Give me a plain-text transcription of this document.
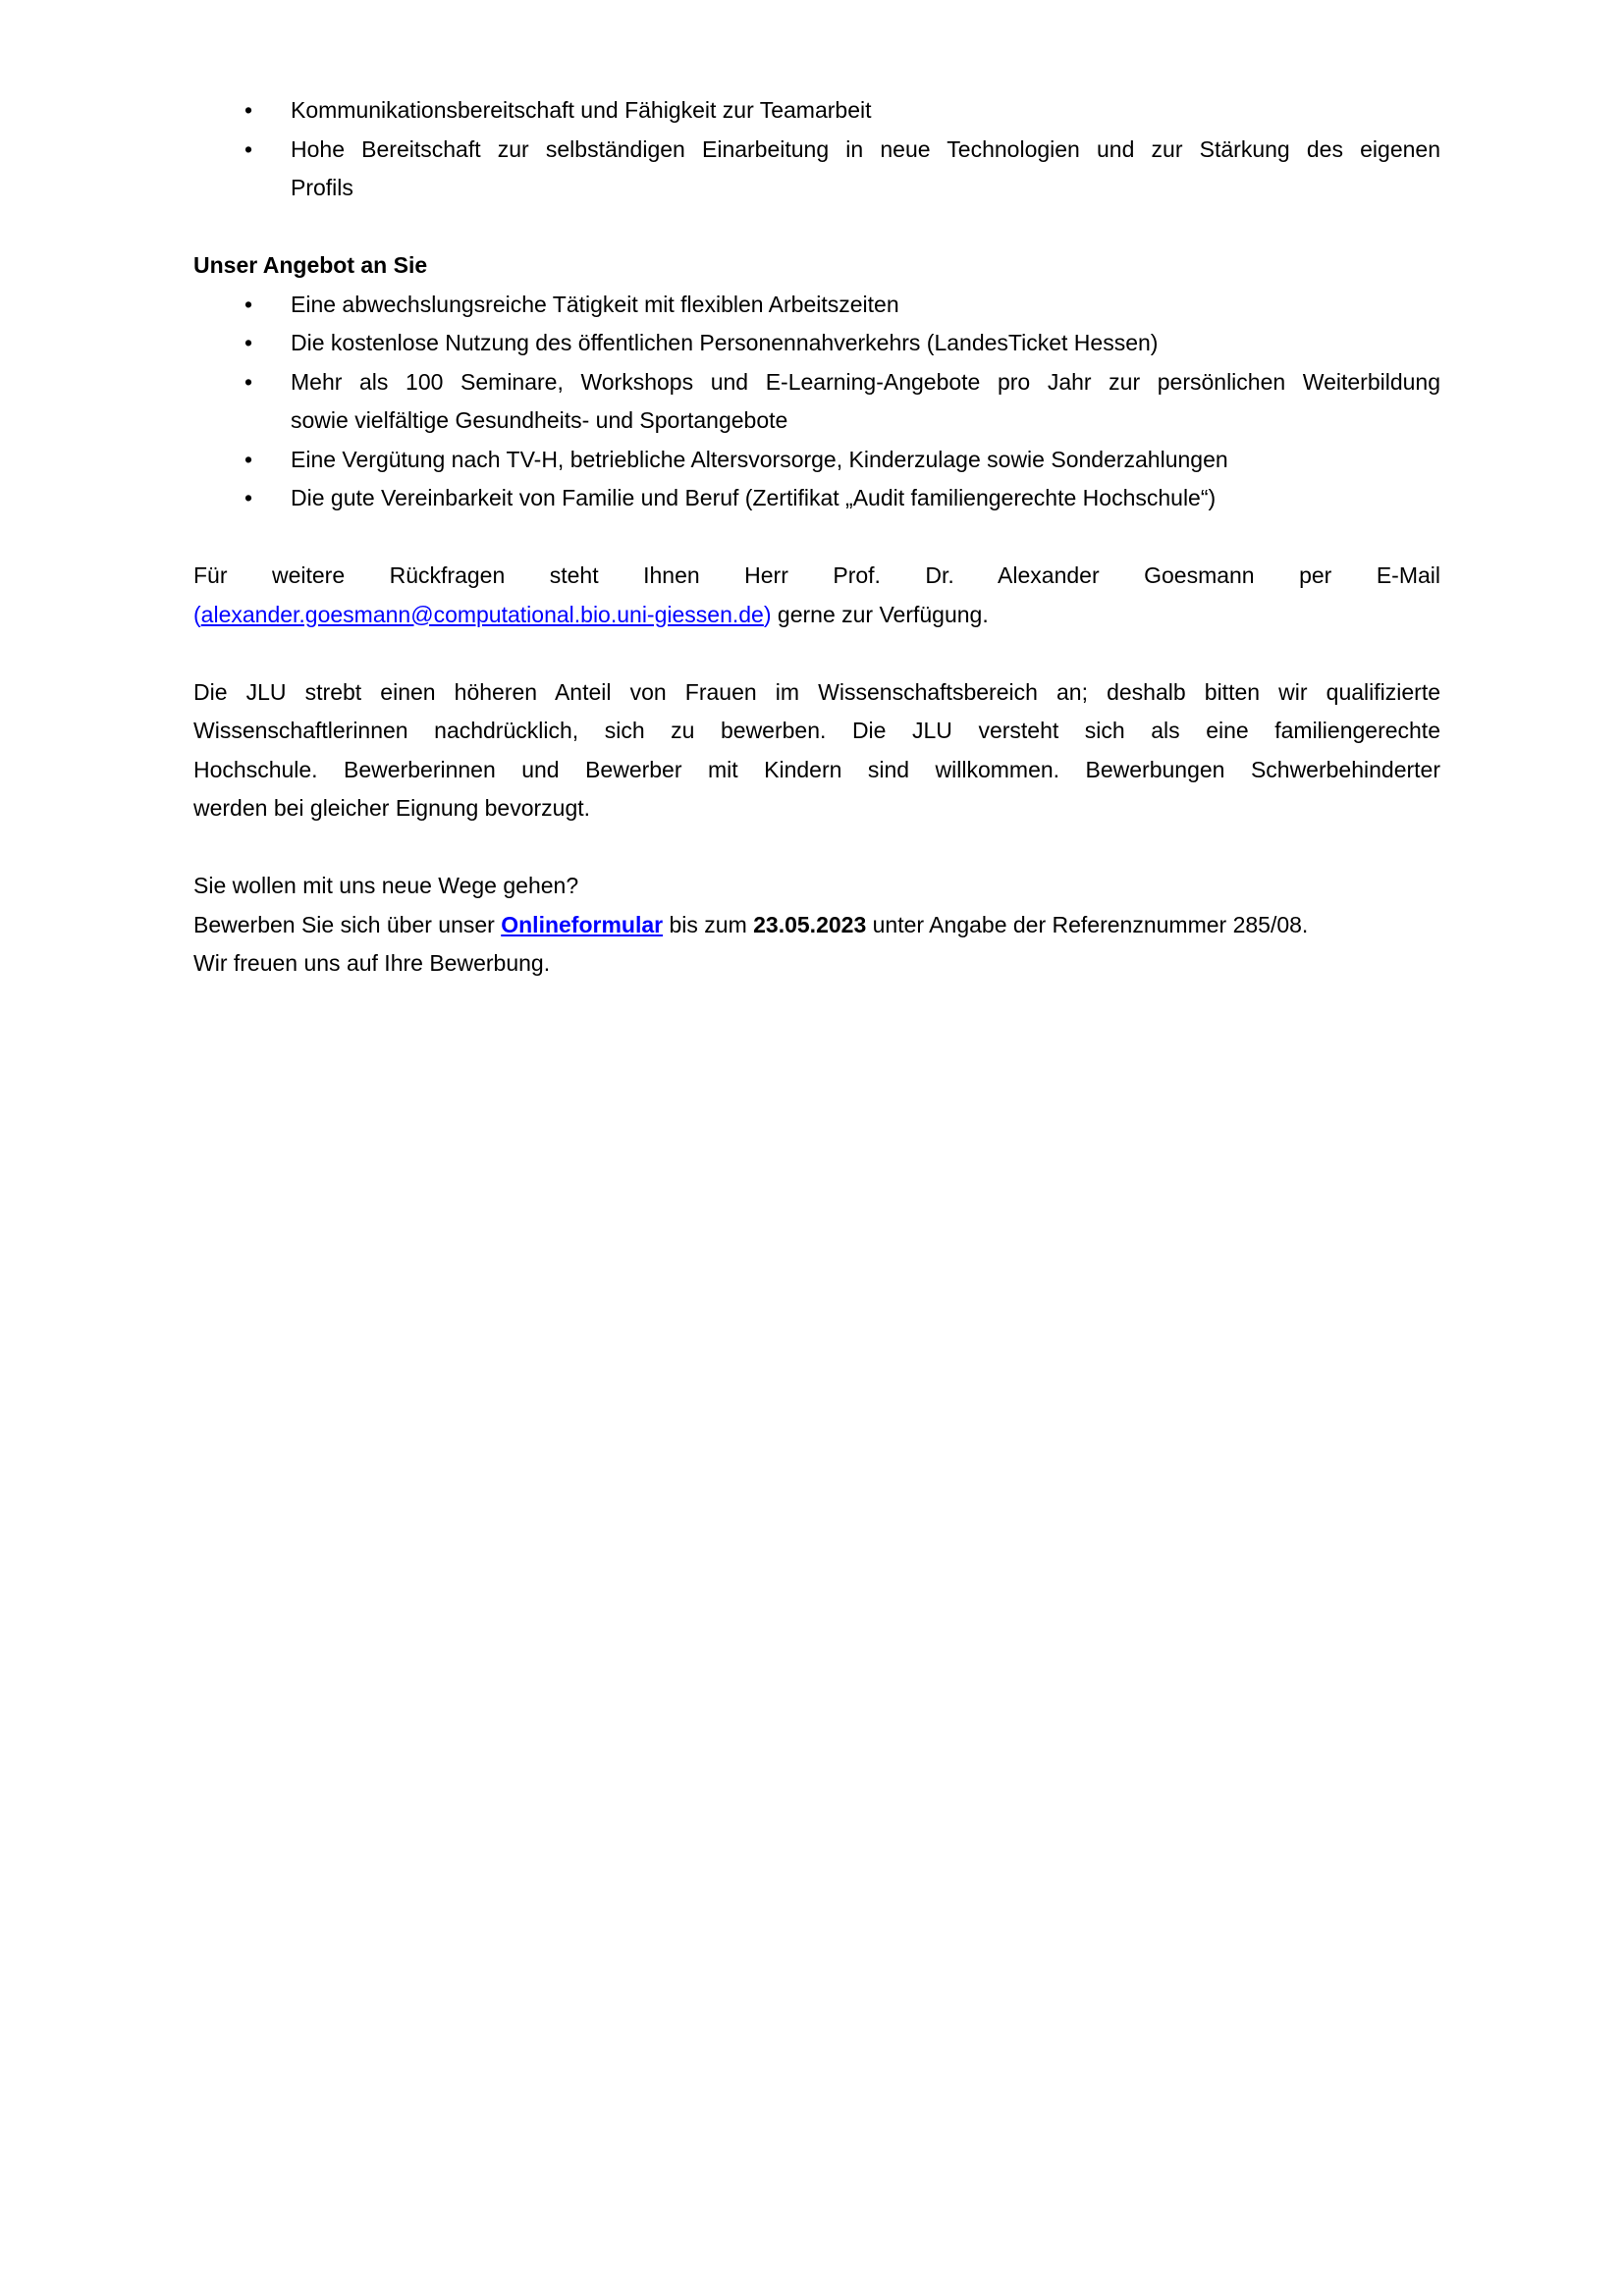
• Kommunikationsbereitschaft und Fähigkeit zur Teamarbeit
• Hohe Bereitschaft zur selbständigen Einarbeitung in neue Technologien und zur Stärkung des eigenen
Profils
Unser Angebot an Sie
• Eine abwechslungsreiche Tätigkeit mit flexiblen Arbeitszeiten
• Die kostenlose Nutzung des öffentlichen Personennahverkehrs (LandesTicket Hessen)
• Mehr als 100 Seminare, Workshops und E-Learning-Angebote pro Jahr zur persönlichen Weiterbildung
sowie vielfältige Gesundheits- und Sportangebote
• Eine Vergütung nach TV-H, betriebliche Altersvorsorge, Kinderzulage sowie Sonderzahlungen
• Die gute Vereinbarkeit von Familie und Beruf (Zertifikat „Audit familiengerechte Hochschule“)

Für weitere Rückfragen steht Ihnen Herr Prof. Dr. Alexander Goesmann per E-Mail
(alexander.goesmann@computational.bio.uni-giessen.de) gerne zur Verfügung.

Die JLU strebt einen höheren Anteil von Frauen im Wissenschaftsbereich an; deshalb bitten wir qualifizierte
Wissenschaftlerinnen nachdrücklich, sich zu bewerben. Die JLU versteht sich als eine familiengerechte
Hochschule. Bewerberinnen und Bewerber mit Kindern sind willkommen. Bewerbungen Schwerbehinderter
werden bei gleicher Eignung bevorzugt.

Sie wollen mit uns neue Wege gehen?
Bewerben Sie sich über unser Onlineformular bis zum 23.05.2023 unter Angabe der Referenznummer 285/08.
Wir freuen uns auf Ihre Bewerbung.
